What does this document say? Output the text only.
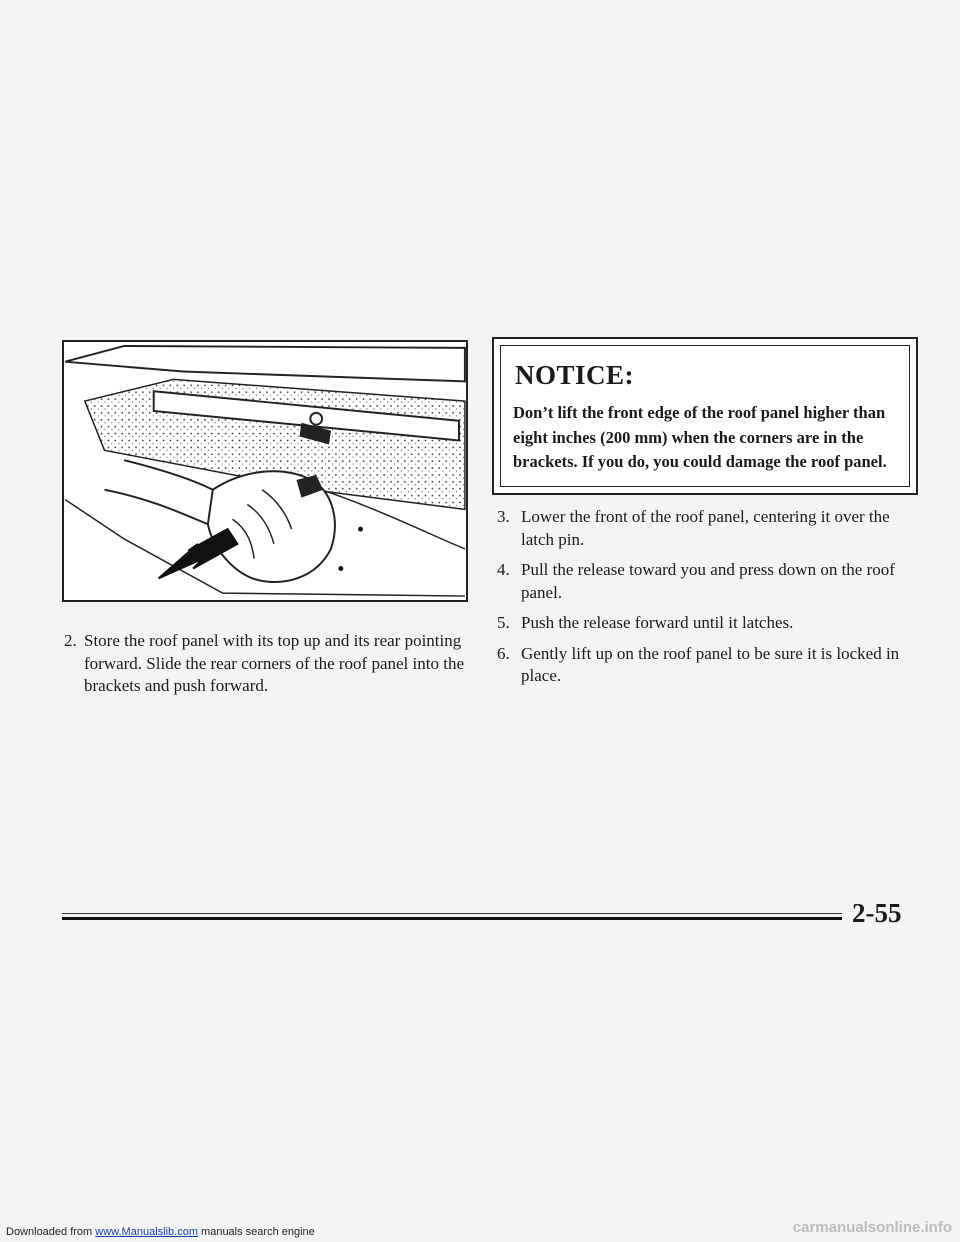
2. Store the roof panel with its top up and its rear pointing forward. Slide the rear corners of the roof panel into the brackets and push forward.
NOTICE:
Don’t lift the front edge of the roof panel higher than eight inches (200 mm) when the corners are in the brackets. If you do, you could damage the roof panel.
3. Lower the front of the roof panel, centering it over the latch pin.
4. Pull the release toward you and press down on the roof panel.
5. Push the release forward until it latches.
6. Gently lift up on the roof panel to be sure it is locked in place.
2-55
Downloaded from www.Manualslib.com manuals search engine	carmanualsonline.info
